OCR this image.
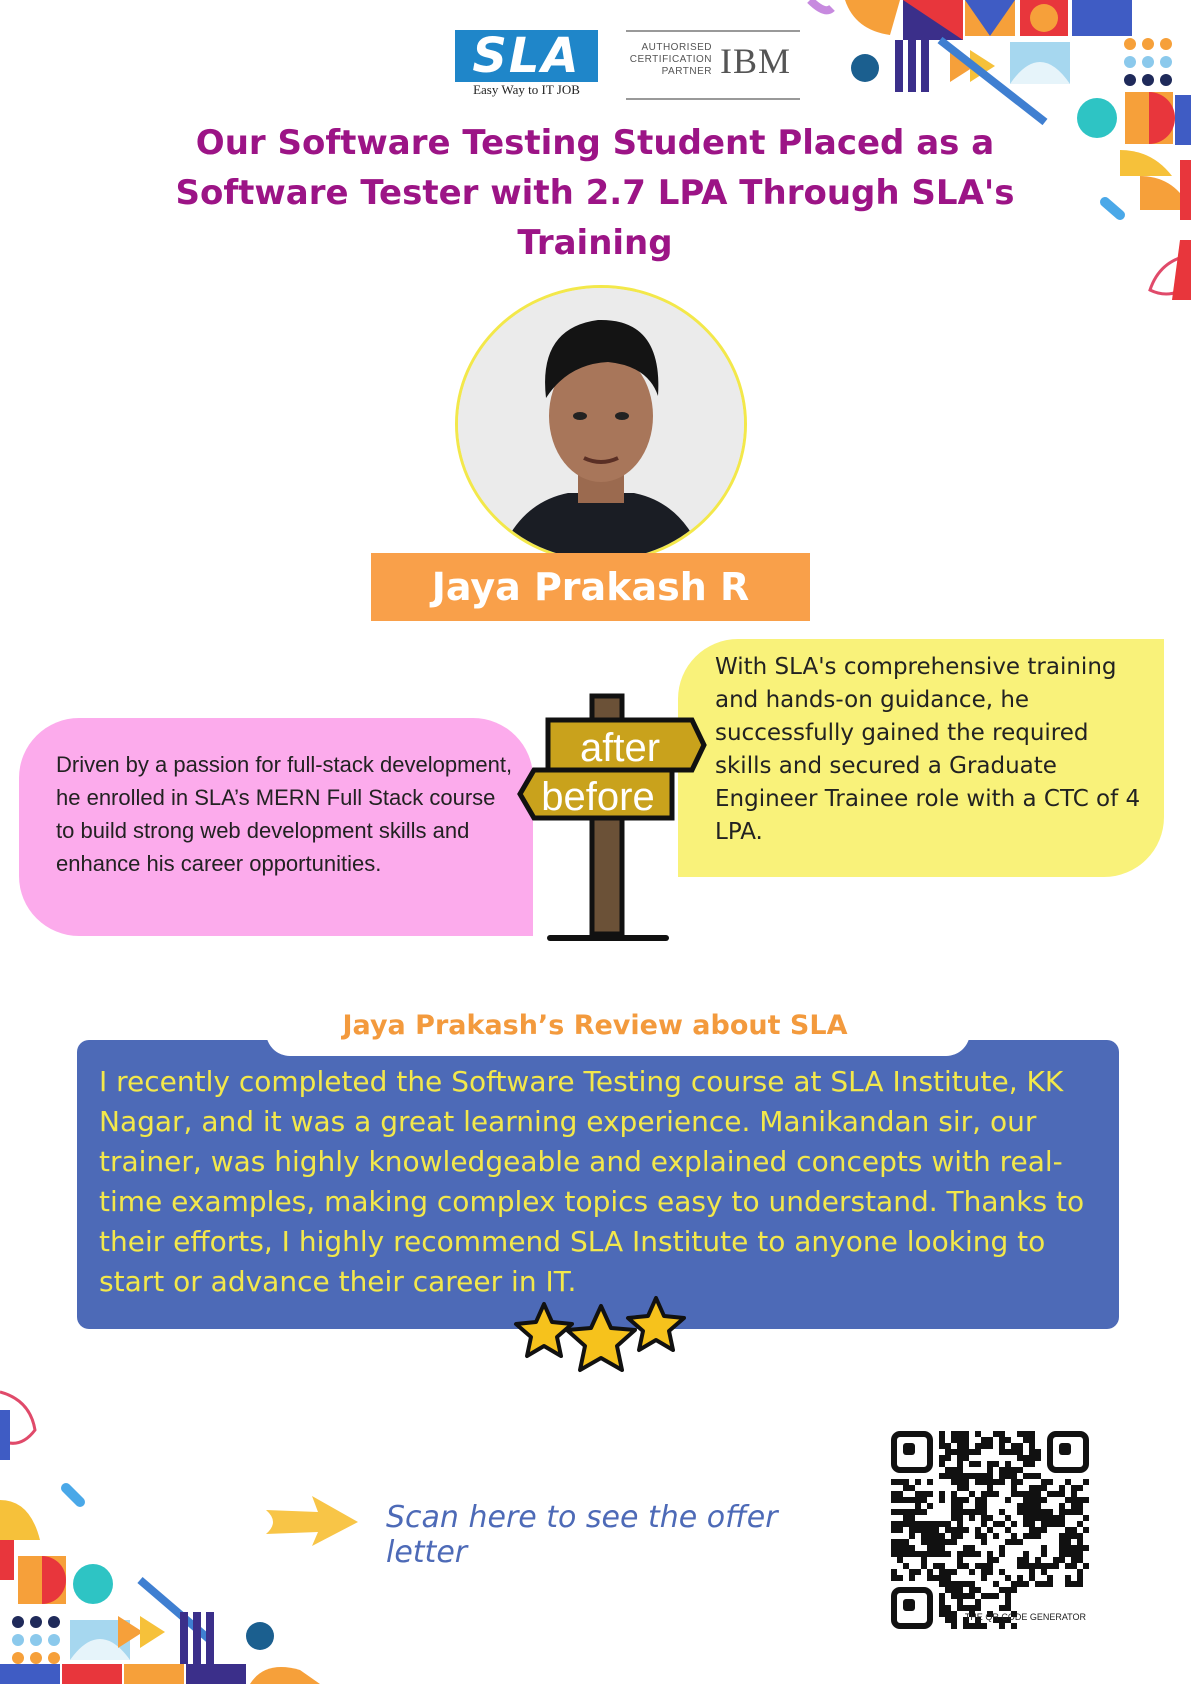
SLA
Easy Way to IT JOB
AUTHORISED CERTIFICATION PARTNER IBM
Our Software Testing Student Placed as a Software Tester with 2.7 LPA Through SLA's Training
Jaya Prakash R
Driven by a passion for full-stack development, he enrolled in SLA’s MERN Full Stack course to build strong web development skills and enhance his career opportunities.
With SLA's comprehensive training and hands-on guidance, he successfully gained the required skills and secured a Graduate Engineer Trainee role with a CTC of 4 LPA.
after
before
I recently completed the Software Testing course at SLA Institute, KK Nagar, and it was a great learning experience. Manikandan sir, our trainer, was highly knowledgeable and explained concepts with real-time examples, making complex topics easy to understand. Thanks to their efforts, I highly recommend SLA Institute to anyone looking to start or advance their career in IT.
Jaya Prakash’s Review about SLA
Scan here to see the offer letter
THE QR CODE GENERATOR
